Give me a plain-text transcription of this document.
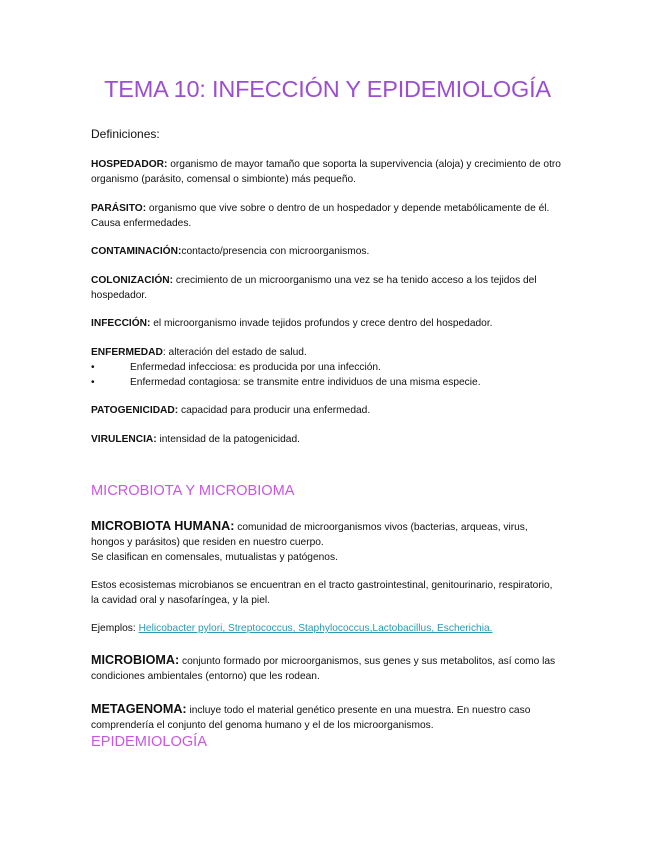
TEMA 10: INFECCIÓN Y EPIDEMIOLOGÍA
Definiciones:
HOSPEDADOR: organismo de mayor tamaño que soporta la supervivencia (aloja) y crecimiento de otro organismo (parásito, comensal o simbionte) más pequeño.
PARÁSITO: organismo que vive sobre o dentro de un hospedador y depende metabólicamente de él. Causa enfermedades.
CONTAMINACIÓN:contacto/presencia con microorganismos.
COLONIZACIÓN: crecimiento de un microorganismo una vez se ha tenido acceso a los tejidos del hospedador.
INFECCIÓN: el microorganismo invade tejidos profundos y crece dentro del hospedador.
ENFERMEDAD: alteración del estado de salud.
•	Enfermedad infecciosa: es producida por una infección.
•	Enfermedad contagiosa: se transmite entre individuos de una misma especie.
PATOGENICIDAD: capacidad para producir una enfermedad.
VIRULENCIA: intensidad de la patogenicidad.
MICROBIOTA Y MICROBIOMA
MICROBIOTA HUMANA: comunidad de microorganismos vivos (bacterias, arqueas, virus, hongos y parásitos) que residen en nuestro cuerpo.
Se clasifican en comensales, mutualistas y patógenos.
Estos ecosistemas microbianos se encuentran en el tracto gastrointestinal, genitourinario, respiratorio, la cavidad oral y nasofaríngea, y la piel.
Ejemplos: Helicobacter pylori, Streptococcus, Staphylococcus,Lactobacillus, Escherichia.
MICROBIOMA: conjunto formado por microorganismos, sus genes y sus metabolitos, así como las condiciones ambientales (entorno) que les rodean.
METAGENOMA: incluye todo el material genético presente en una muestra. En nuestro caso comprendería el conjunto del genoma humano y el de los microorganismos.
EPIDEMIOLOGÍA
